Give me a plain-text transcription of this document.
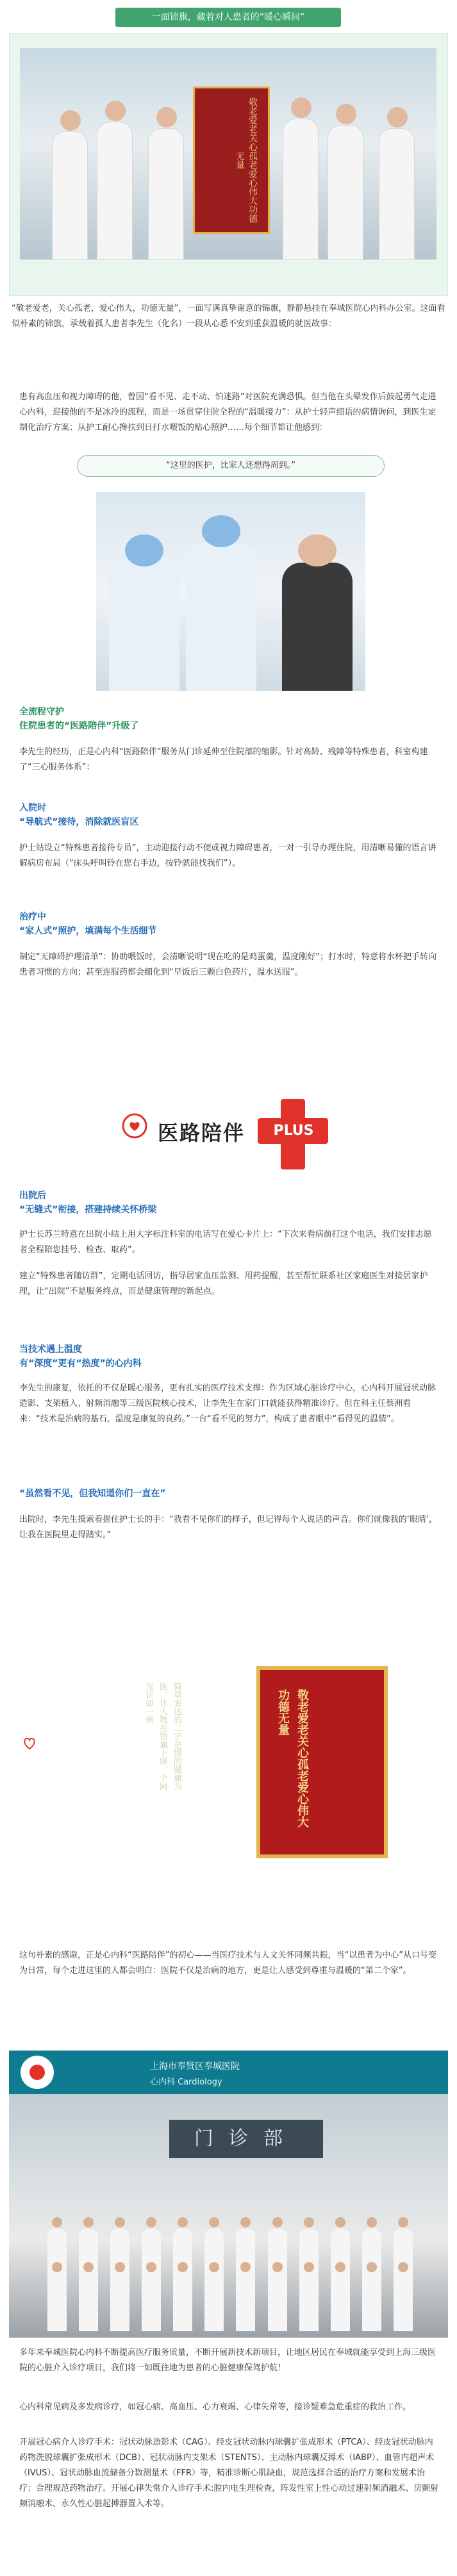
一面锦旗，藏着对人患者的“暖心瞬间”
敬老爱老关心孤老爱心伟大功德无量

“敬老爱老，关心孤老，爱心伟大，功德无量”，一面写满真挚谢意的锦旗，静静悬挂在奉城医院心内科办公室。这面看似朴素的锦旗，承载着孤人患者李先生（化名）一段从心悉不安到重获温暖的就医故事：

患有高血压和视力障碍的他，曾因“看不见、走不动、怕迷路”对医院充满恐惧。但当他在头晕发作后鼓起勇气走进心内科，迎接他的不是冰冷的流程，而是一场贯穿住院全程的“温暖接力”：从护士轻声细语的病情询问，到医生定制化治疗方案；从护工耐心搀扶到日打水喂饭的贴心照护……每个细节都让他感到：

“这里的医护，比家人还想得周到。”
全流程守护
住院患者的“医路陪伴”升级了

李先生的经历，正是心内科“医路陪伴”服务从门诊延伸至住院部的缩影。针对高龄、残障等特殊患者，科室构建了“三心服务体系”：

入院时
“导航式”接待，消除就医盲区

护士站设立“特殊患者接待专员”，主动迎接行动不便或视力障碍患者，一对一引导办理住院，用清晰易懂的语言讲解病房布局（“床头呼叫铃在您右手边，按铃就能找我们”）。

治疗中
“家人式”照护，填满每个生活细节

制定“无障碍护理清单”：协助喂饭时，会清晰说明“现在吃的是鸡蛋羹，温度刚好”；打水时，特意将水杯把手转向患者习惯的方向；甚至连服药都会细化到“早饭后三颗白色药片，温水送服”。

医路陪伴	PLUS
出院后
“无缝式”衔接，搭建持续关怀桥梁

护士长苏兰特意在出院小结上用大字标注科室的电话写在爱心卡片上：“下次来看病前打这个电话，我们安排志愿者全程陪您挂号、检查、取药”。

建立“特殊患者随访群”，定期电话回访，指导居家血压监测、用药提醒，甚至帮忙联系社区家庭医生对接居家护理，让“出院”不是服务终点，而是健康管理的新起点。

当技术遇上温度
有“深度”更有“热度”的心内科

李先生的康复，依托的不仅是暖心服务，更有扎实的医疗技术支撑：作为区域心脏诊疗中心，心内科开展冠状动脉造影、支架植入、射频消融等三级医院核心技术，让李先生在家门口就能获得精准诊疗。但在科主任蔡洲看来：“技术是治病的基石，温度是康复的良药。”一台“看不见的努力”，构成了患者眼中“看得见的温情”。

“虽然看不见，但我知道你们一直在”

出院时，李先生摸索着握住护士长的手：“我看不见你们的样子，但记得每个人说话的声音。你们就像我的‘眼睛’，让我在医院里走得踏实。”

简单表达的二字是缓的暖旗为医，让人物在锦旗上绑，个同见证如一例	敬老爱老关心孤老爱心伟大功德无量

这句朴素的感谢，正是心内科“医路陪伴”的初心——当医疗技术与人文关怀同频共振，当“以患者为中心”从口号变为日常，每个走进这里的人都会明白：医院不仅是治病的地方，更是让人感受到尊重与温暖的“第二个家”。

上海市奉贤区奉城医院
心内科 Cardiology
门诊部

多年来奉城医院心内科不断提高医疗服务质量，不断开展新技术新项目，让地区居民在奉城就能享受到上海三级医院的心脏介入诊疗项目，我们将一如既往地为患者的心脏健康保驾护航！

心内科常见病及多发病诊疗，如冠心病、高血压、心力衰竭、心律失常等，接诊疑难急危重症的救治工作。

开展冠心病介入诊疗手术：冠状动脉造影术（CAG）、经皮冠状动脉内球囊扩张成形术（PTCA）、经皮冠状动脉内药物洗脱球囊扩张成形术（DCB）、冠状动脉内支架术（STENTS）、主动脉内球囊反搏术（IABP）、血管内超声术（IVUS）、冠状动脉血流储备分数测量术（FFR）等，精准诊断心肌缺血，规范选择合适的治疗方案和发展术治疗；合理规范药物治疗。开展心律失常介入诊疗手术:腔内电生理检查，阵发性室上性心动过速射频消融术、房颤射频消融术、永久性心脏起搏器置入术等。
